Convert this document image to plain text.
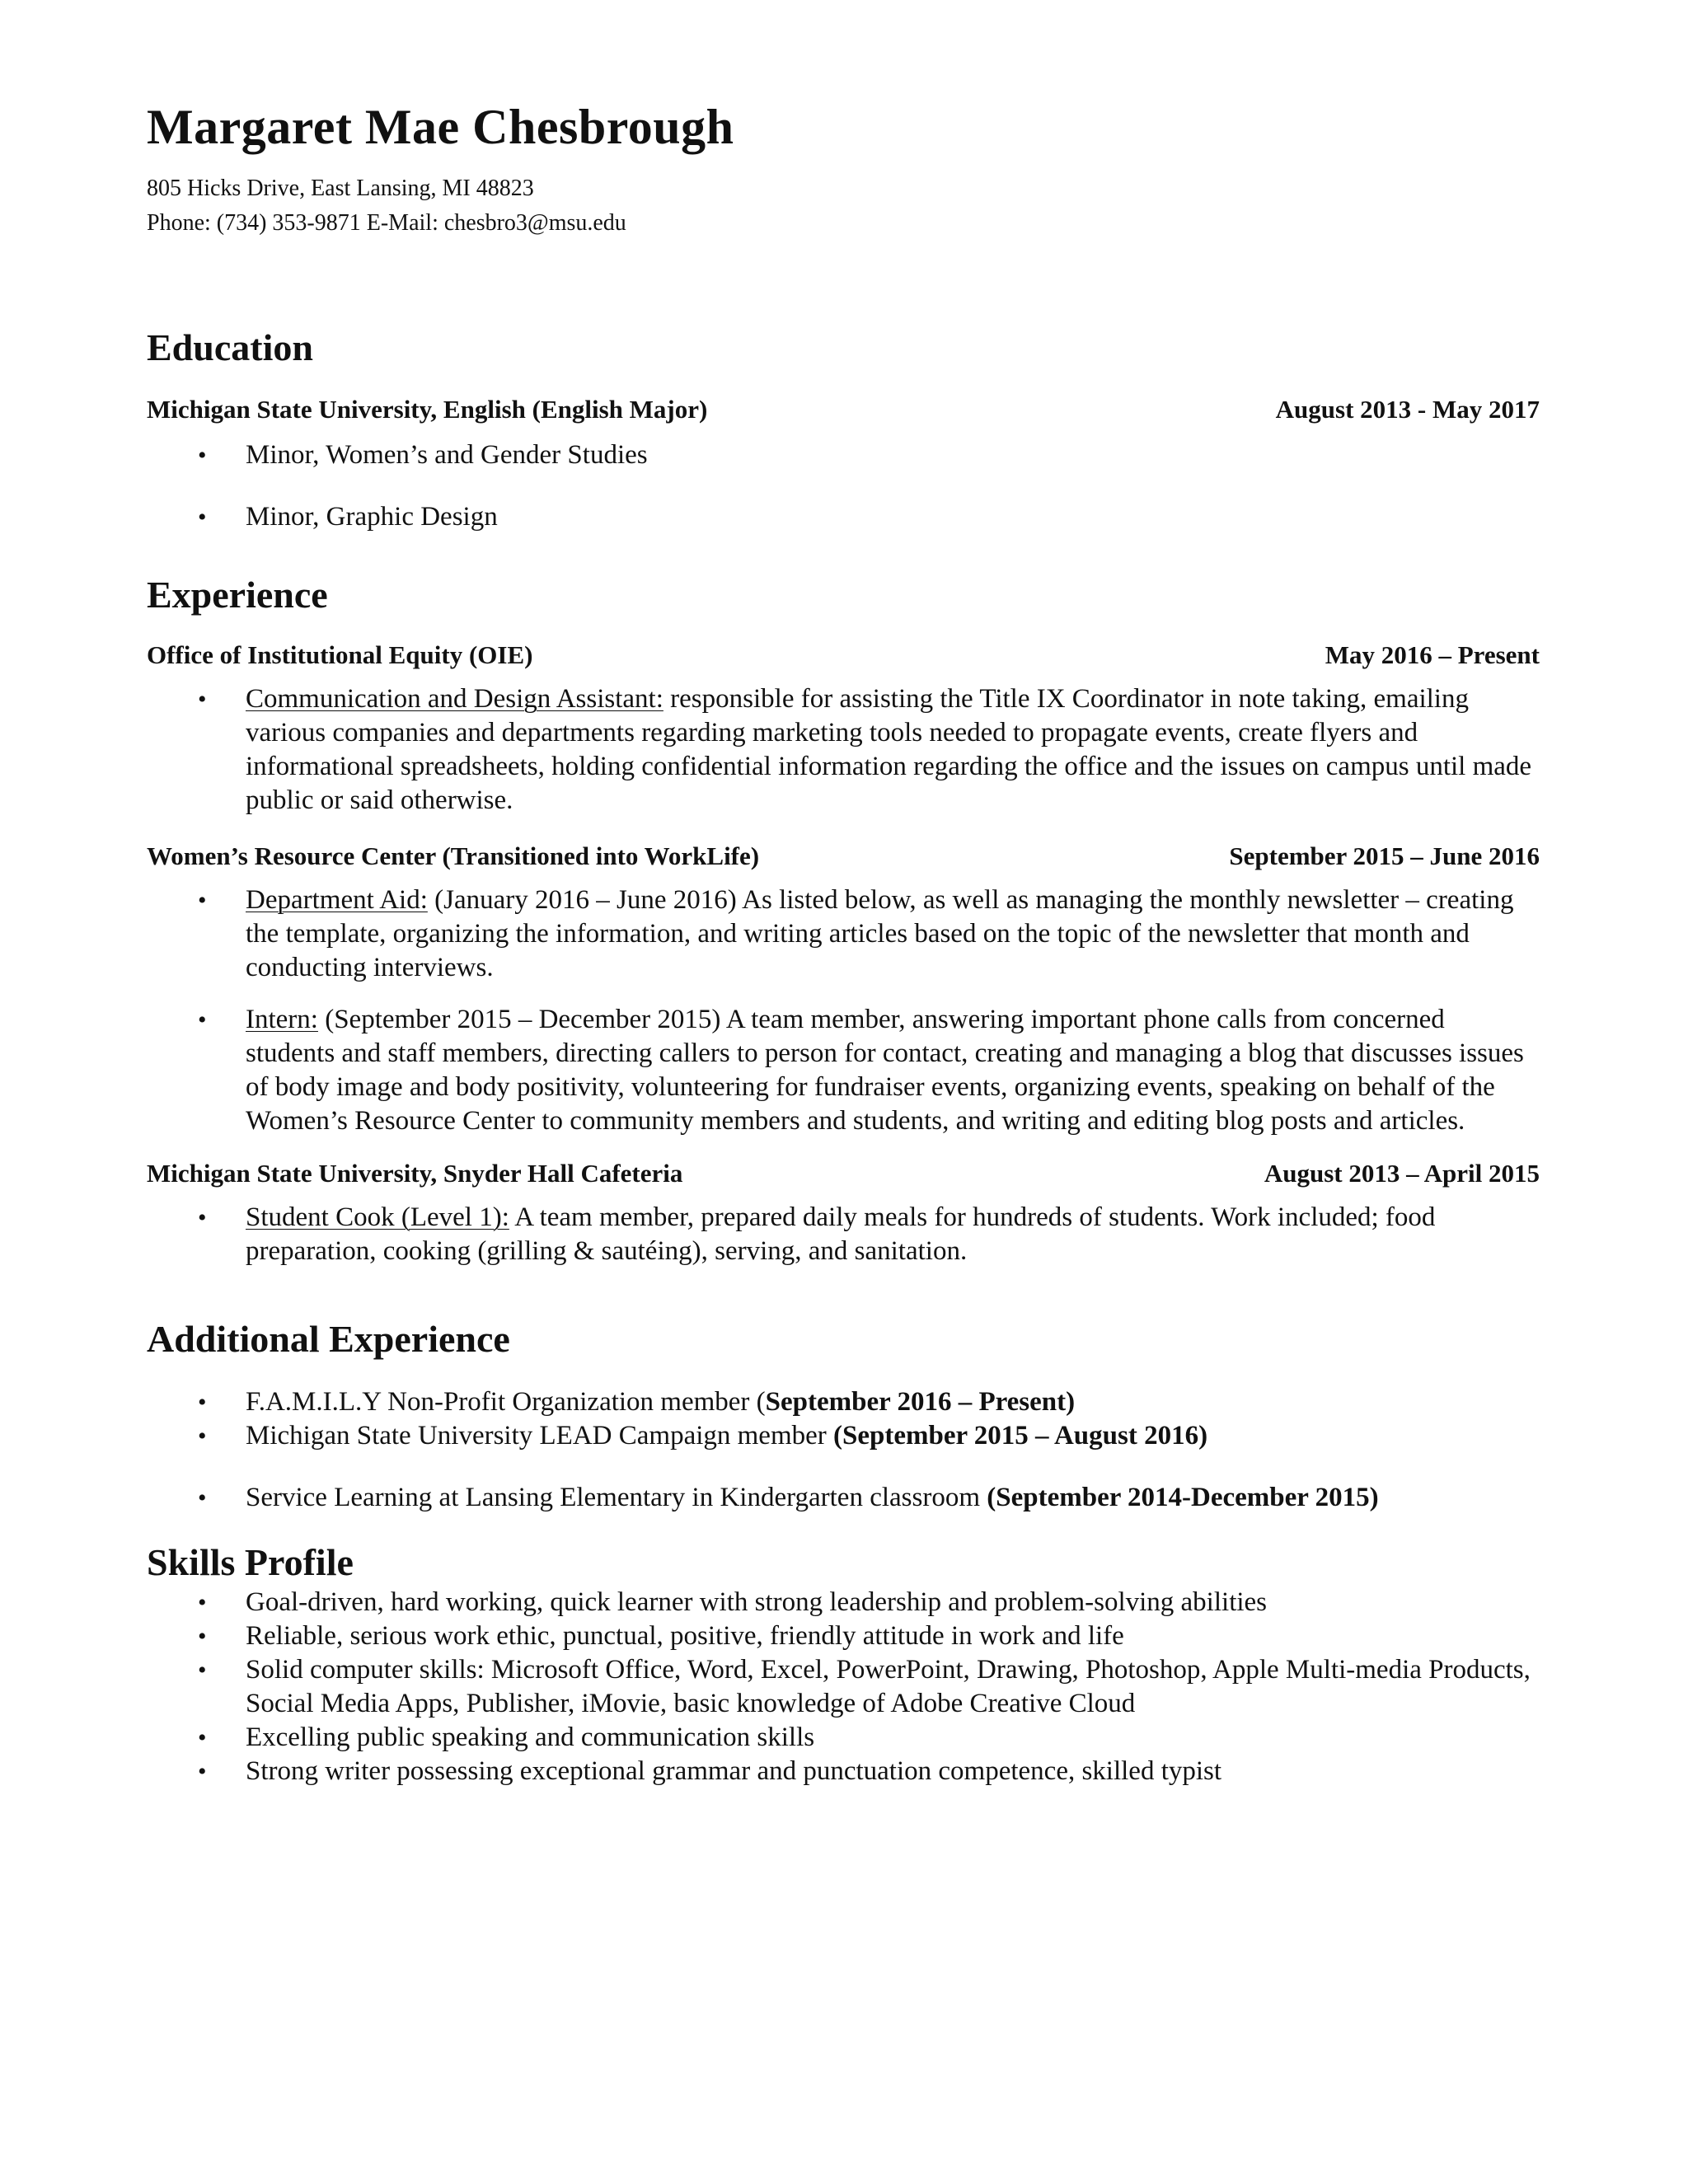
Margaret Mae Chesbrough
805 Hicks Drive, East Lansing, MI 48823
Phone: (734) 353-9871 E-Mail: chesbro3@msu.edu
Education
Michigan State University, English (English Major)	August 2013 - May 2017
• Minor, Women’s and Gender Studies
• Minor, Graphic Design
Experience
Office of Institutional Equity (OIE)	May 2016 – Present
• Communication and Design Assistant: responsible for assisting the Title IX Coordinator in note taking, emailing various companies and departments regarding marketing tools needed to propagate events, create flyers and informational spreadsheets, holding confidential information regarding the office and the issues on campus until made public or said otherwise.
Women’s Resource Center (Transitioned into WorkLife)	September 2015 – June 2016
• Department Aid: (January 2016 – June 2016) As listed below, as well as managing the monthly newsletter – creating the template, organizing the information, and writing articles based on the topic of the newsletter that month and conducting interviews.
• Intern: (September 2015 – December 2015) A team member, answering important phone calls from concerned students and staff members, directing callers to person for contact, creating and managing a blog that discusses issues of body image and body positivity, volunteering for fundraiser events, organizing events, speaking on behalf of the Women’s Resource Center to community members and students, and writing and editing blog posts and articles.
Michigan State University, Snyder Hall Cafeteria	August 2013 – April 2015
• Student Cook (Level 1): A team member, prepared daily meals for hundreds of students. Work included; food preparation, cooking (grilling & sautéing), serving, and sanitation.
Additional Experience
• F.A.M.I.L.Y Non-Profit Organization member (September 2016 – Present)
• Michigan State University LEAD Campaign member (September 2015 – August 2016)
• Service Learning at Lansing Elementary in Kindergarten classroom (September 2014-December 2015)
Skills Profile
• Goal-driven, hard working, quick learner with strong leadership and problem-solving abilities
• Reliable, serious work ethic, punctual, positive, friendly attitude in work and life
• Solid computer skills: Microsoft Office, Word, Excel, PowerPoint, Drawing, Photoshop, Apple Multi-media Products, Social Media Apps, Publisher, iMovie, basic knowledge of Adobe Creative Cloud
• Excelling public speaking and communication skills
• Strong writer possessing exceptional grammar and punctuation competence, skilled typist
